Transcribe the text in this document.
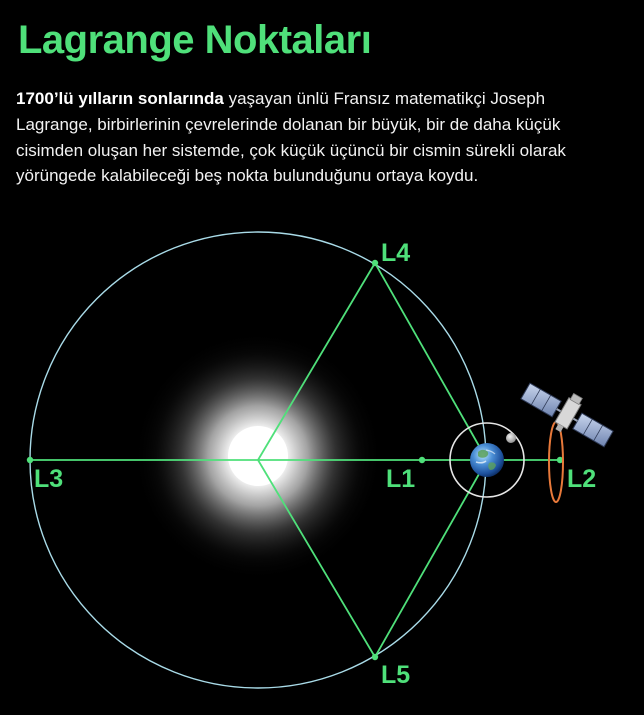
Lagrange Noktaları

1700’lü yılların sonlarında yaşayan ünlü Fransız matematikçi Joseph Lagrange, birbirlerinin çevrelerinde dolanan bir büyük, bir de daha küçük cisimden oluşan her sistemde, çok küçük üçüncü bir cismin sürekli olarak yörüngede kalabileceği beş nokta bulunduğunu ortaya koydu.

L3
L4
L5
L1	L2
